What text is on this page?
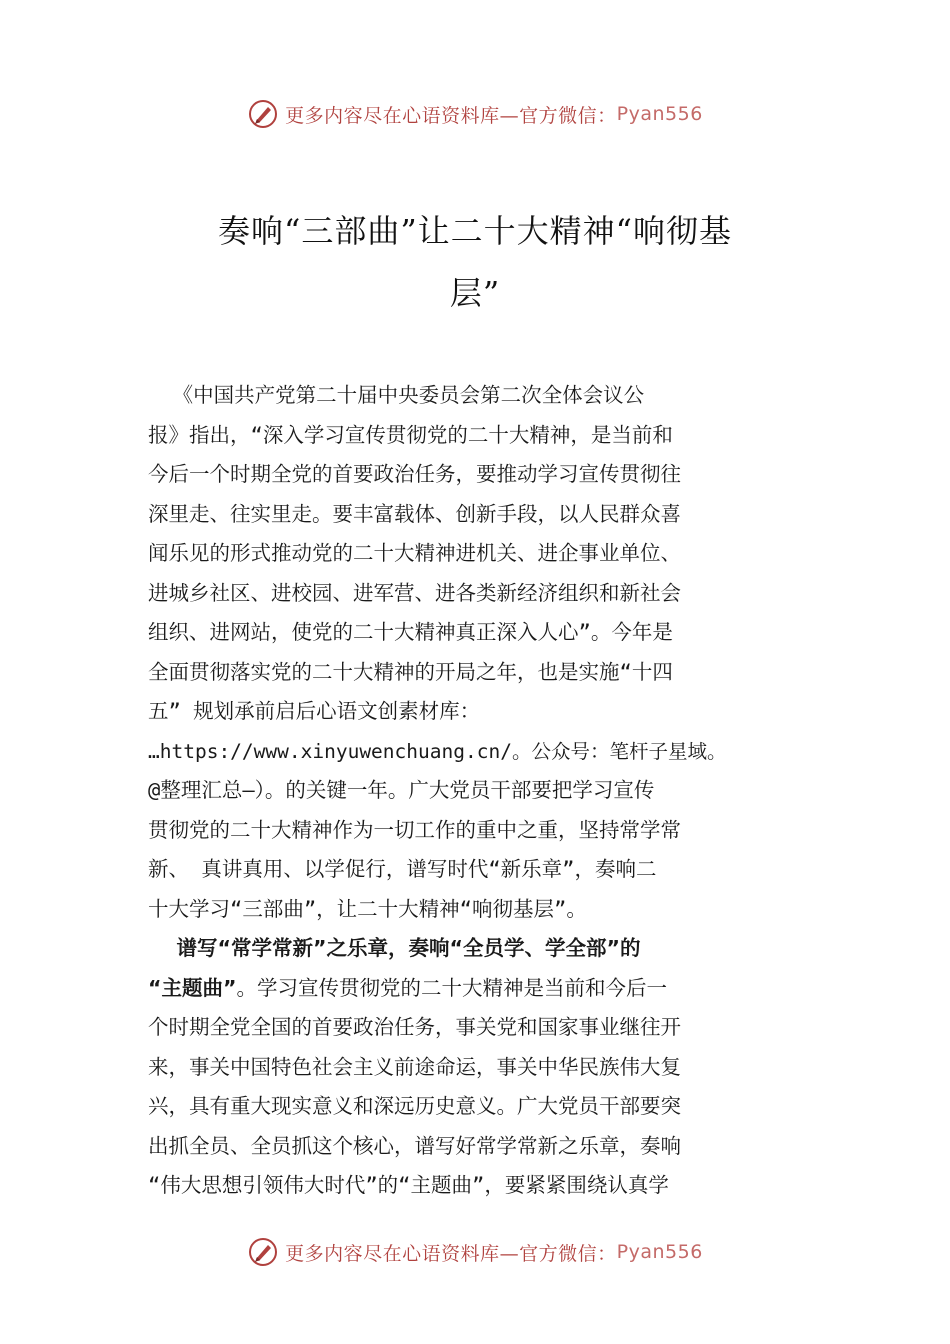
更多内容尽在心语资料库—官方微信： Pyan556
奏响“三部曲”让二十大精神“响彻基
层”

《中国共产党第二十届中央委员会第二次全体会议公

报》指出，“深入学习宣传贯彻党的二十大精神，是当前和

今后一个时期全党的首要政治任务，要推动学习宣传贯彻往

深里走、往实里走。要丰富载体、创新手段，以人民群众喜

闻乐见的形式推动党的二十大精神进机关、进企事业单位、

进城乡社区、进校园、进军营、进各类新经济组织和新社会

组织、进网站，使党的二十大精神真正深入人心”。今年是

全面贯彻落实党的二十大精神的开局之年，也是实施“十四

五” 规划承前启后心语文创素材库：

…https://www.xinyuwenchuang.cn/。公众号：笔杆子星域。

@整理汇总—）。的关键一年。广大党员干部要把学习宣传

贯彻党的二十大精神作为一切工作的重中之重，坚持常学常

新、 真讲真用、以学促行，谱写时代“新乐章”，奏响二

十大学习“三部曲”，让二十大精神“响彻基层”。

谱写“常学常新”之乐章，奏响“全员学、学全部”的

“主题曲”。学习宣传贯彻党的二十大精神是当前和今后一

个时期全党全国的首要政治任务，事关党和国家事业继往开

来，事关中国特色社会主义前途命运，事关中华民族伟大复

兴，具有重大现实意义和深远历史意义。广大党员干部要突

出抓全员、全员抓这个核心，谱写好常学常新之乐章，奏响

“伟大思想引领伟大时代”的“主题曲”，要紧紧围绕认真学

更多内容尽在心语资料库—官方微信： Pyan556
